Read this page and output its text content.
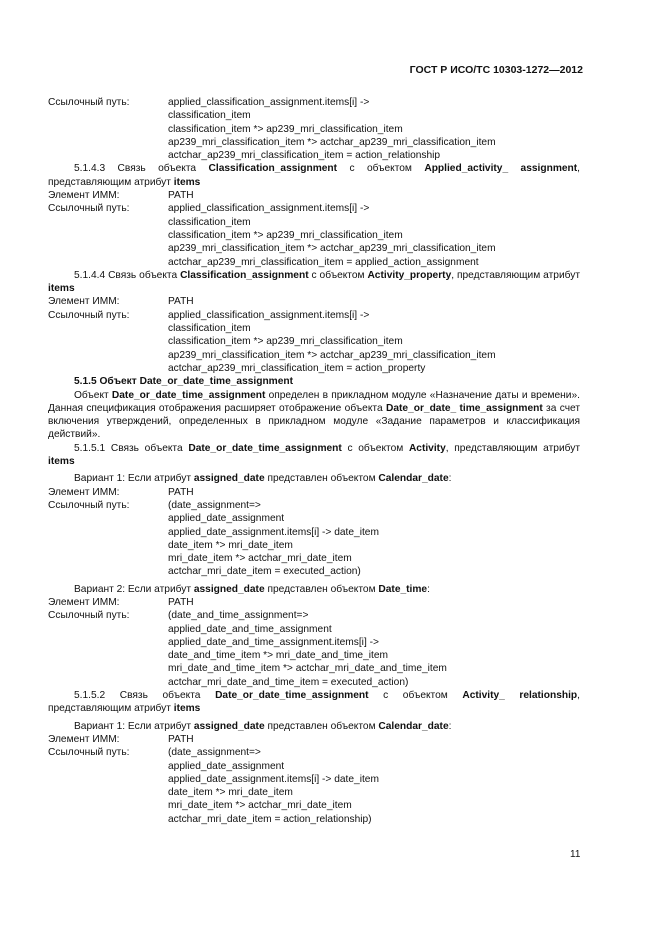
ГОСТ Р ИСО/ТС 10303-1272—2012
Ссылочный путь:	applied_classification_assignment.items[i] ->
classification_item
classification_item *> ap239_mri_classification_item
ap239_mri_classification_item *> actchar_ap239_mri_classification_item
actchar_ap239_mri_classification_item = action_relationship
5.1.4.3 Связь объекта Classification_assignment с объектом Applied_activity_ assignment, представляющим атрибут items
Элемент ИММ:	PATH
Ссылочный путь:	applied_classification_assignment.items[i] ->
classification_item
classification_item *> ap239_mri_classification_item
ap239_mri_classification_item *> actchar_ap239_mri_classification_item
actchar_ap239_mri_classification_item = applied_action_assignment
5.1.4.4 Связь объекта Classification_assignment с объектом Activity_property, представляющим атрибут items
Элемент ИММ:	PATH
Ссылочный путь:	applied_classification_assignment.items[i] ->
classification_item
classification_item *> ap239_mri_classification_item
ap239_mri_classification_item *> actchar_ap239_mri_classification_item
actchar_ap239_mri_classification_item = action_property
5.1.5 Объект Date_or_date_time_assignment
Объект Date_or_date_time_assignment определен в прикладном модуле «Назначение даты и времени». Данная спецификация отображения расширяет отображение объекта Date_or_date_ time_assignment за счет включения утверждений, определенных в прикладном модуле «Задание параметров и классификация действий».
5.1.5.1 Связь объекта Date_or_date_time_assignment с объектом Activity, представляющим атрибут items
Вариант 1: Если атрибут assigned_date представлен объектом Calendar_date:
Элемент ИММ:	PATH
Ссылочный путь:	(date_assignment=>
applied_date_assignment
applied_date_assignment.items[i] -> date_item
date_item *> mri_date_item
mri_date_item *> actchar_mri_date_item
actchar_mri_date_item = executed_action)
Вариант 2: Если атрибут assigned_date представлен объектом Date_time:
Элемент ИММ:	PATH
Ссылочный путь:	(date_and_time_assignment=>
applied_date_and_time_assignment
applied_date_and_time_assignment.items[i] ->
date_and_time_item *> mri_date_and_time_item
mri_date_and_time_item *> actchar_mri_date_and_time_item
actchar_mri_date_and_time_item = executed_action)
5.1.5.2 Связь объекта Date_or_date_time_assignment с объектом Activity_ relationship, представляющим атрибут items
Вариант 1: Если атрибут assigned_date представлен объектом Calendar_date:
Элемент ИММ:	PATH
Ссылочный путь:	(date_assignment=>
applied_date_assignment
applied_date_assignment.items[i] -> date_item
date_item *> mri_date_item
mri_date_item *> actchar_mri_date_item
actchar_mri_date_item = action_relationship)
11
